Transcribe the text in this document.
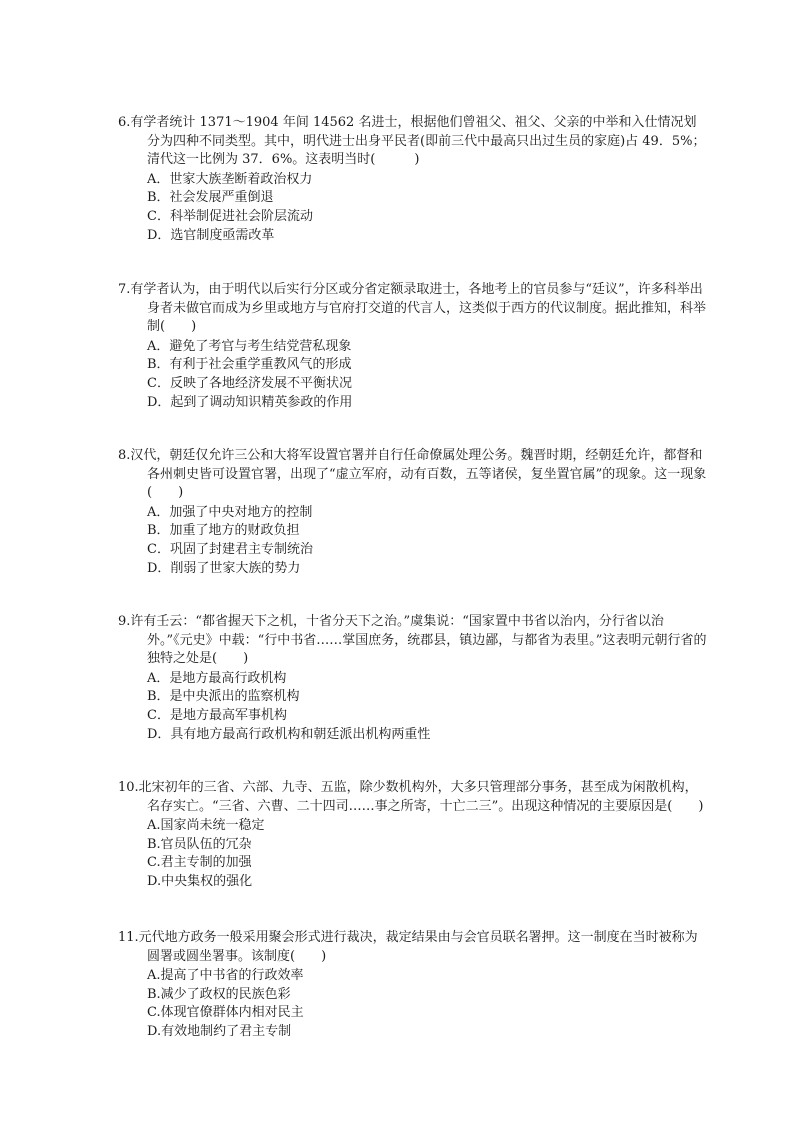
6.有学者统计 1371～1904 年间 14562 名进士，根据他们曾祖父、祖父、父亲的中举和入仕情况划分为四种不同类型。其中，明代进士出身平民者(即前三代中最高只出过生员的家庭)占 49．5%；清代这一比例为 37．6%。这表明当时(　　　)

A．世家大族垄断着政治权力
B．社会发展严重倒退
C．科举制促进社会阶层流动
D．选官制度亟需改革

7.有学者认为，由于明代以后实行分区或分省定额录取进士，各地考上的官员参与“廷议”，许多科举出身者未做官而成为乡里或地方与官府打交道的代言人，这类似于西方的代议制度。据此推知，科举制(　　)

A．避免了考官与考生结党营私现象
B．有利于社会重学重教风气的形成
C．反映了各地经济发展不平衡状况
D．起到了调动知识精英参政的作用

8.汉代，朝廷仅允许三公和大将军设置官署并自行任命僚属处理公务。魏晋时期，经朝廷允许，都督和各州刺史皆可设置官署，出现了“虚立军府，动有百数，五等诸侯，复坐置官属”的现象。这一现象(　　)

A．加强了中央对地方的控制
B．加重了地方的财政负担
C．巩固了封建君主专制统治
D．削弱了世家大族的势力

9.许有壬云：“都省握天下之机，十省分天下之治。”虞集说：“国家置中书省以治内，分行省以治外。”《元史》中载：“行中书省……掌国庶务，统郡县，镇边鄙，与都省为表里。”这表明元朝行省的独特之处是(　　)

A．是地方最高行政机构
B．是中央派出的监察机构
C．是地方最高军事机构
D．具有地方最高行政机构和朝廷派出机构两重性

10.北宋初年的三省、六部、九寺、五监，除少数机构外，大多只管理部分事务，甚至成为闲散机构，名存实亡。“三省、六曹、二十四司……事之所寄，十亡二三”。出现这种情况的主要原因是(　　)

A.国家尚未统一稳定
B.官员队伍的冗杂
C.君主专制的加强
D.中央集权的强化

11.元代地方政务一般采用聚会形式进行裁决，裁定结果由与会官员联名署押。这一制度在当时被称为圆署或圆坐署事。该制度(　　)

A.提高了中书省的行政效率
B.减少了政权的民族色彩
C.体现官僚群体内相对民主
D.有效地制约了君主专制
